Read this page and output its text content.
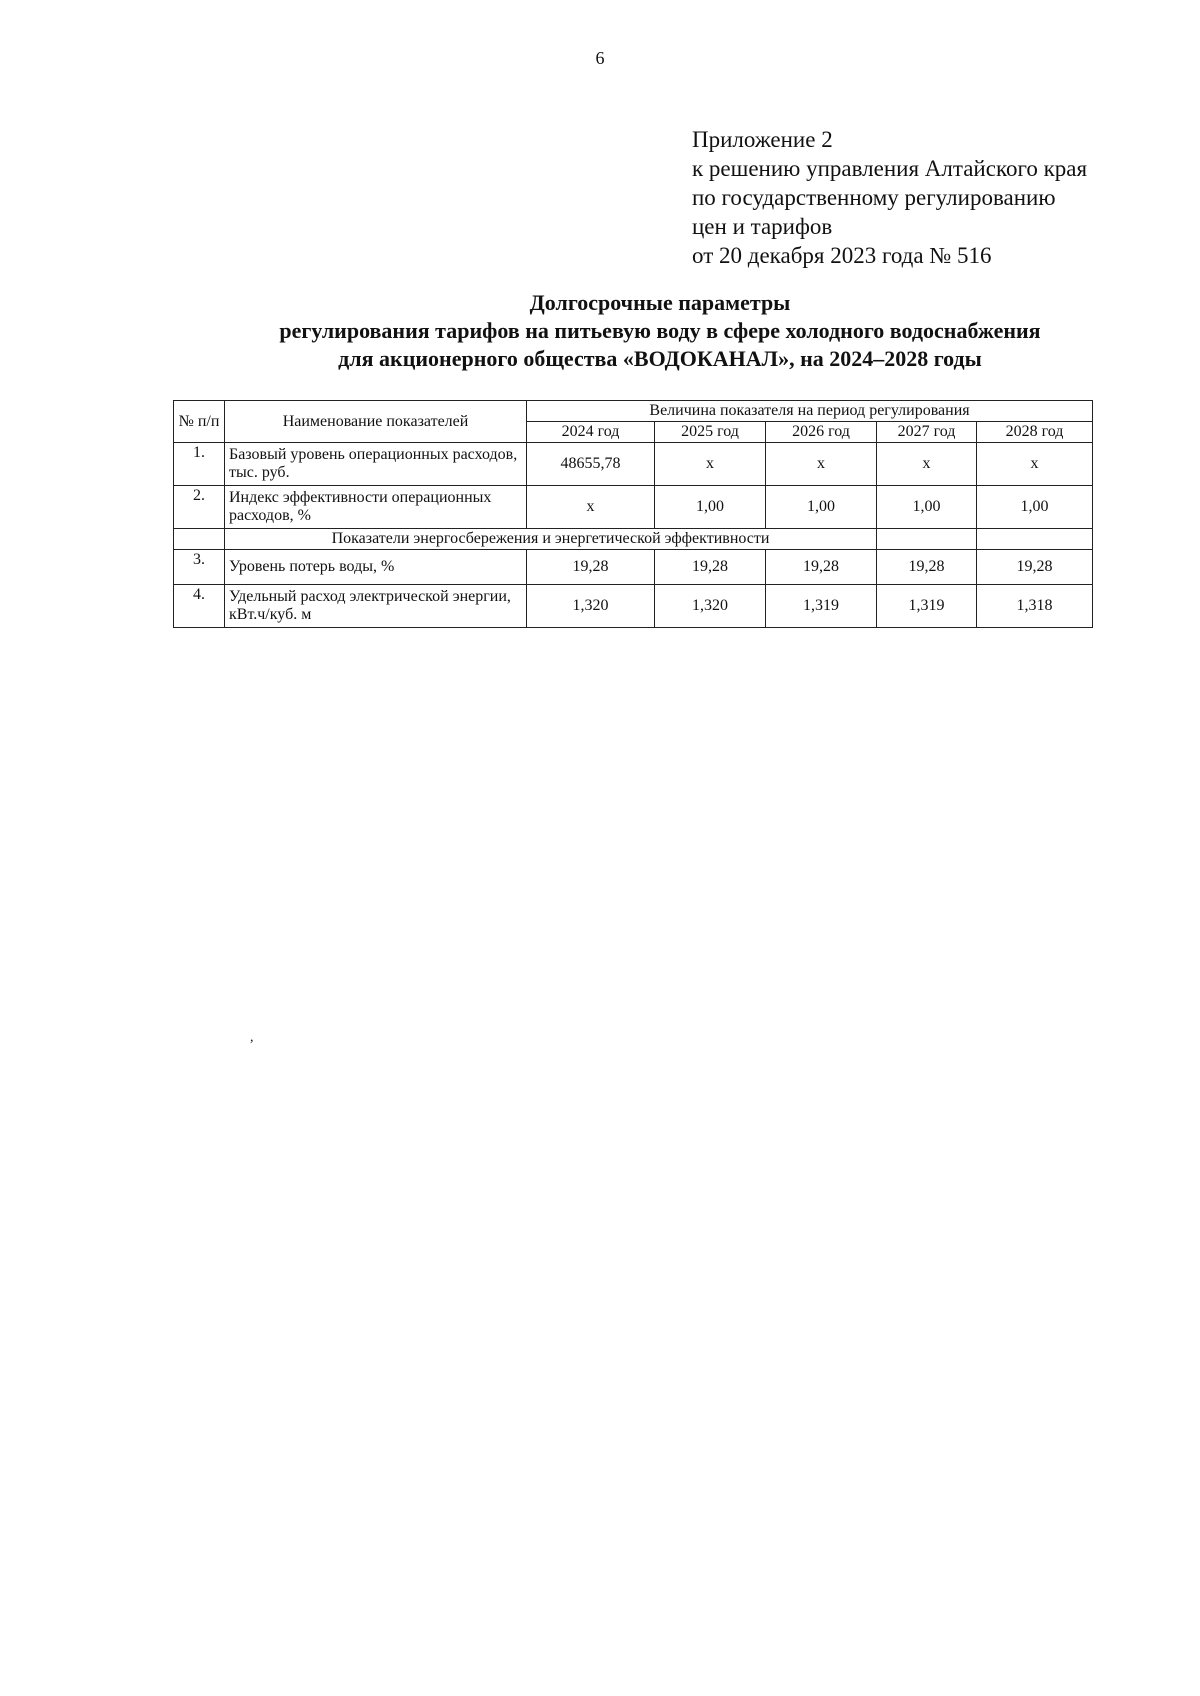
6
Приложение 2
к решению управления Алтайского края
по государственному регулированию
цен и тарифов
от 20 декабря 2023 года № 516
Долгосрочные параметры
регулирования тарифов на питьевую воду в сфере холодного водоснабжения
для акционерного общества «ВОДОКАНАЛ», на 2024–2028 годы
№ п/п	Наименование показателей	Величина показателя на период регулирования				
		2024 год	2025 год	2026 год	2027 год	2028 год
1.	Базовый уровень операционных расходов, тыс. руб.	48655,78	х	х	х	х
2.	Индекс эффективности операционных расходов, %	х	1,00	1,00	1,00	1,00
	Показатели энергосбережения и энергетической эффективности					
3.	Уровень потерь воды, %	19,28	19,28	19,28	19,28	19,28
4.	Удельный расход электрической энергии, кВт.ч/куб. м	1,320	1,320	1,319	1,319	1,318
,
